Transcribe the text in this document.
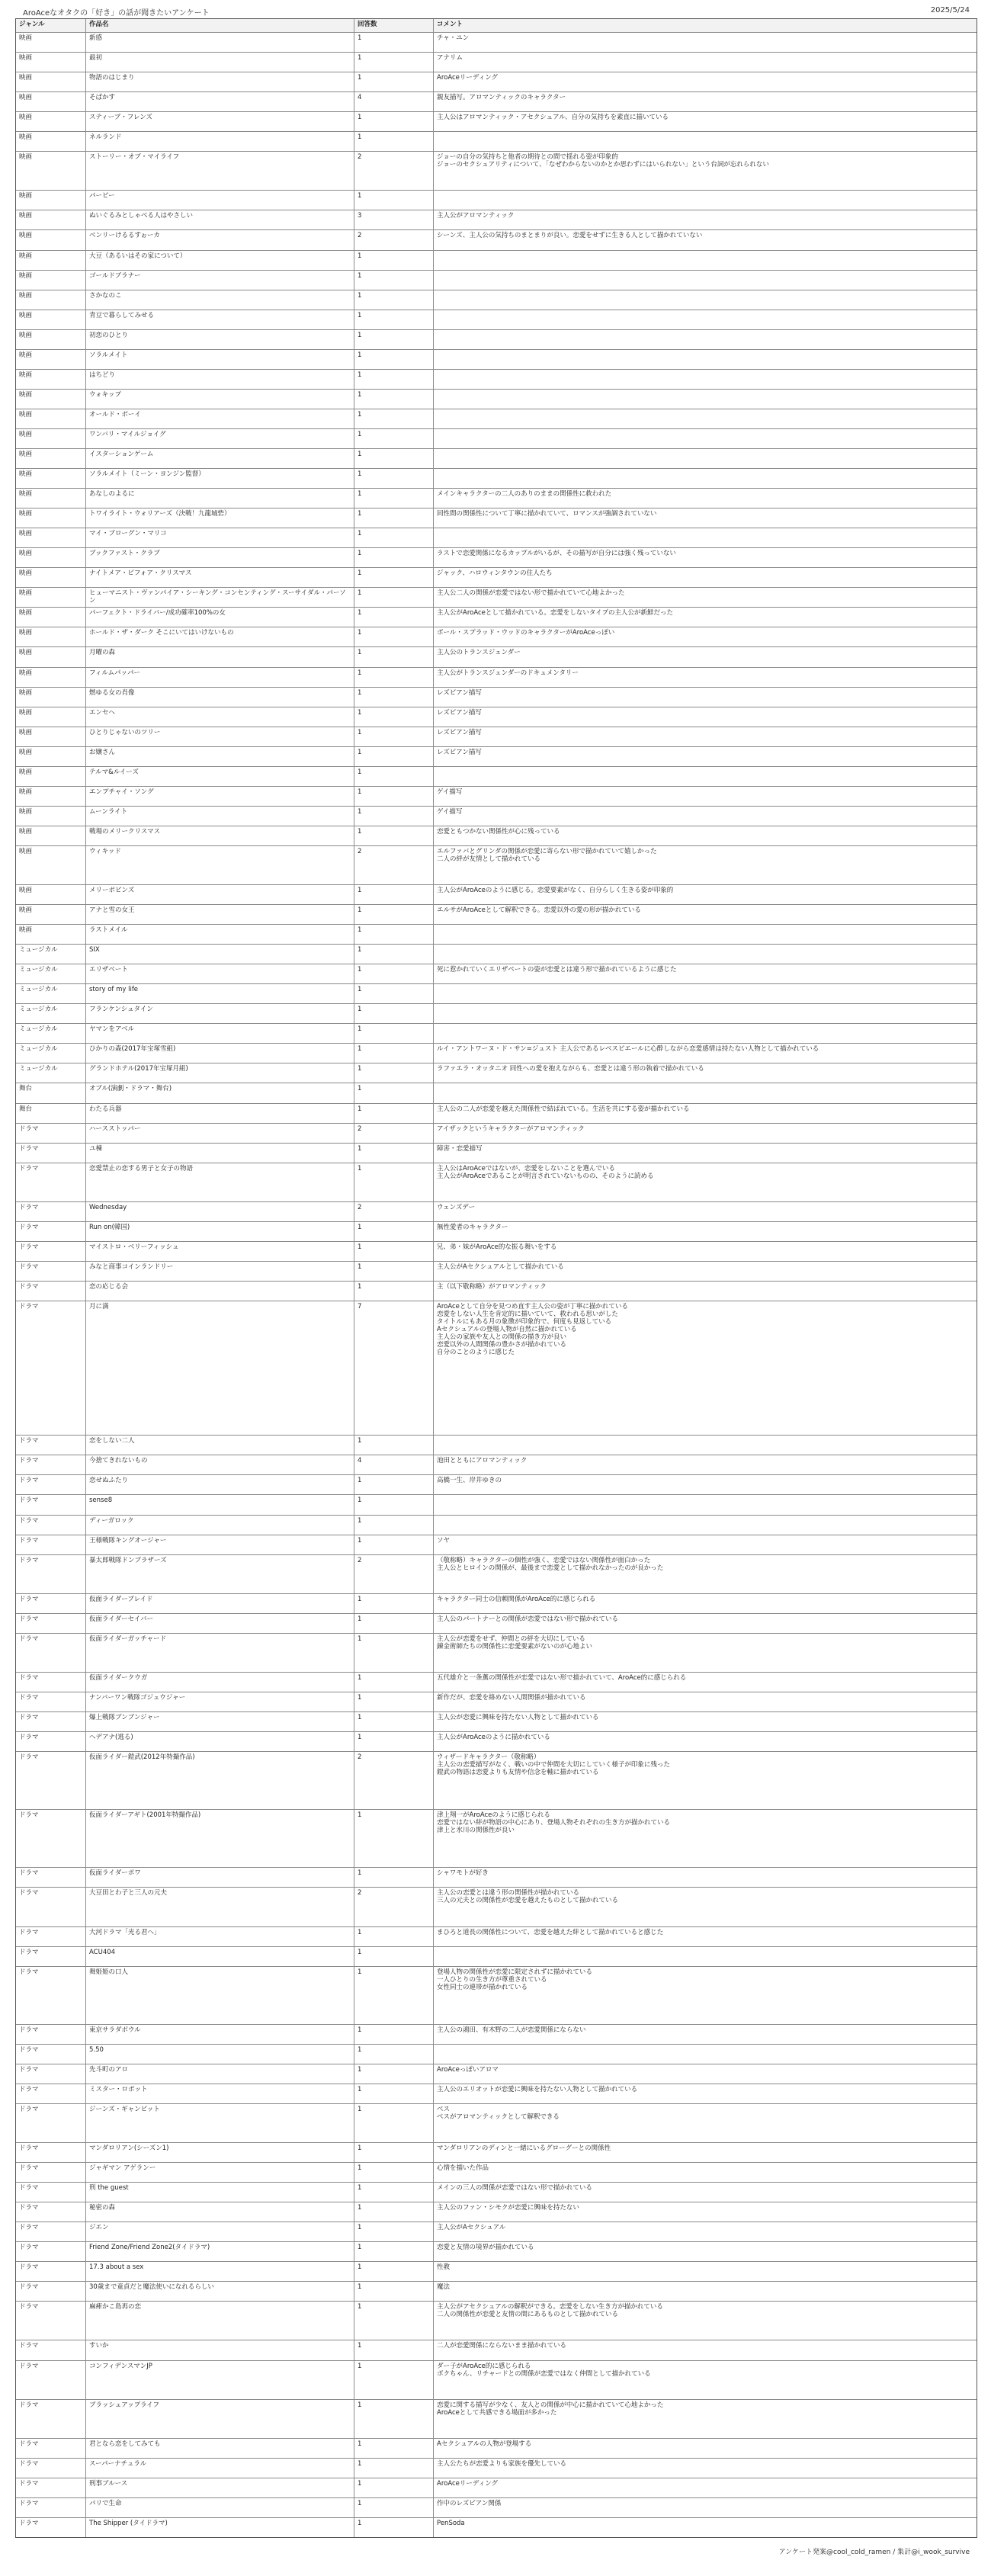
AroAceなオタクの「好き」の話が聞きたいアンケート	2025/5/24
ジャンル	作品名	回答数	コメント
映画	新感	1	チャ・ユン
映画	最初	1	アナリム
映画	物語のはじまり	1	AroAceリーディング
映画	そばかす	4	親友描写。アロマンティックのキャラクター
映画	スティーブ・フレンズ	1	主人公はアロマンティック・アセクシュアル、自分の気持ちを素直に描いている
映画	ネルランド	1
映画	ストーリー・オブ・マイライフ	2	ジョーの自分の気持ちと他者の期待との間で揺れる姿が印象的
ジョーのセクシュアリティについて、「なぜわからないのかとか思わずにはいられない」という台詞が忘れられない
映画	パーピー	1
映画	ぬいぐるみとしゃべる人はやさしい	3	主人公がアロマンティック
映画	ベンリーけるるすぉーカ	2	シーンズ、主人公の気持ちのまとまりが良い。恋愛をせずに生きる人として描かれていない
映画	大豆（あるいはその家について）	1
映画	ゴールドブラナー	1
映画	さかなのこ	1
映画	青豆で暮らしてみせる	1
映画	初恋のひとり	1
映画	ソラルメイト	1
映画	はちどり	1
映画	ウォキップ	1
映画	オールド・ボーイ	1
映画	ワンバリ・マイルジョイグ	1
映画	イスターションゲーム	1
映画	ソラルメイト（ミーン・ヨンジン監督）	1
映画	あなしのよるに	1	メインキャラクターの二人のありのままの関係性に救われた
映画	トワイライト・ウォリアーズ（決戦！九龍城砦）	1	同性間の関係性について丁寧に描かれていて、ロマンスが強調されていない
映画	マイ・ブローグン・マリコ	1
映画	ブックファスト・クラブ	1	ラストで恋愛関係になるカップルがいるが、その描写が自分には強く残っていない
映画	ナイトメア・ビフォア・クリスマス	1	ジャック、ハロウィンタウンの住人たち
映画	ヒューマニスト・ヴァンパイア・シーキング・コンセンティング・スーサイダル・パーソン
1	主人公二人の関係が恋愛ではない形で描かれていて心地よかった
映画	パーフェクト・ドライバー/成功確率100%の女	1	主人公がAroAceとして描かれている。恋愛をしないタイプの主人公が新鮮だった
映画	ホールド・ザ・ダーク そこにいてはいけないもの	1	ボール・スプラッド・ウッドのキャラクターがAroAceっぽい
映画	月曜の森	1	主人公のトランスジェンダー
映画	フィルムパッパー	1	主人公がトランスジェンダーのドキュメンタリー
映画	燃ゆる女の肖像	1	レズビアン描写
映画	エンセヘ	1	レズビアン描写
映画	ひとりじゃないのツリー	1	レズビアン描写
映画	お嬢さん	1	レズビアン描写
映画	テルマ&ルイーズ	1
映画	エンプチャイ・ソング	1	ゲイ描写
映画	ムーンライト	1	ゲイ描写
映画	戦場のメリークリスマス	1	恋愛ともつかない関係性が心に残っている
映画	ウィキッド	2	エルファバとグリンダの関係が恋愛に寄らない形で描かれていて嬉しかった
二人の絆が友情として描かれている
映画	メリーポピンズ	1	主人公がAroAceのように感じる。恋愛要素がなく、自分らしく生きる姿が印象的
映画	アナと雪の女王	1	エルサがAroAceとして解釈できる。恋愛以外の愛の形が描かれている
映画	ラストメイル	1
ミュージカル	SIX	1
ミュージカル	エリザベート	1	死に惹かれていくエリザベートの姿が恋愛とは違う形で描かれているように感じた
ミュージカル	story of my life	1
ミュージカル	フランケンシュタイン	1
ミュージカル	ヤマンをアベル	1
ミュージカル	ひかりの森(2017年宝塚雪組)	1	ルイ・アントワーヌ・ド・サン=ジュスト 主人公であるレベスピエールに心酔しながら恋愛感情は持たない人物として描かれている
ミュージカル	グランドホテル(2017年宝塚月組)	1	ラファエラ・オッタニオ 同性への愛を抱えながらも、恋愛とは違う形の執着で描かれている
舞台	オブル(演劇・ドラマ・舞台)	1
舞台	わたる兵器	1	主人公の二人が恋愛を越えた関係性で結ばれている。生活を共にする姿が描かれている
ドラマ	ハースストッパー	2	アイザックというキャラクターがアロマンティック
ドラマ	ユ棟	1	障害・恋愛描写
ドラマ	恋愛禁止の恋する男子と女子の物語	1	主人公はAroAceではないが、恋愛をしないことを選んでいる
主人公がAroAceであることが明言されていないものの、そのように読める
ドラマ	Wednesday	2	ウェンズデー
ドラマ	Run on(韓国)	1	無性愛者のキャラクター
ドラマ	マイストロ・ベリーフィッシュ	1	兄、弟・妹がAroAce的な振る舞いをする
ドラマ	みなと商事コインランドリー	1	主人公がAセクシュアルとして描かれている
ドラマ	恋の応じる会	1	主（以下敬称略）がアロマンティック
ドラマ	月に満	7	AroAceとして自分を見つめ直す主人公の姿が丁寧に描かれている
恋愛をしない人生を肯定的に描いていて、救われる思いがした
タイトルにもある月の象徴が印象的で、何度も見返している
Aセクシュアルの登場人物が自然に描かれている
主人公の家族や友人との関係の描き方が良い
恋愛以外の人間関係の豊かさが描かれている
自分のことのように感じた
ドラマ	恋をしない二人	1
ドラマ	今捨てきれないもの	4	池田とともにアロマンティック
ドラマ	恋せぬふたり	1	高橋一生、岸井ゆきの
ドラマ	sense8	1
ドラマ	ディーガロック	1
ドラマ	王様戦隊キングオージャー	1	ソヤ
ドラマ	暴太郎戦隊ドンブラザーズ	2	（敬称略）キャラクターの個性が強く、恋愛ではない関係性が面白かった
主人公とヒロインの関係が、最後まで恋愛として描かれなかったのが良かった
ドラマ	仮面ライダーブレイド	1	キャラクター同士の信頼関係がAroAce的に感じられる
ドラマ	仮面ライダーセイバー	1	主人公のパートナーとの関係が恋愛ではない形で描かれている
ドラマ	仮面ライダーガッチャード	1	主人公が恋愛をせず、仲間との絆を大切にしている
錬金術師たちの関係性に恋愛要素がないのが心地よい
ドラマ	仮面ライダークウガ	1	五代雄介と一条薫の関係性が恋愛ではない形で描かれていて、AroAce的に感じられる
ドラマ	ナンバーワン戦隊ゴジュウジャー	1	新作だが、恋愛を絡めない人間関係が描かれている
ドラマ	爆上戦隊ブンブンジャー	1	主人公が恋愛に興味を持たない人物として描かれている
ドラマ	ヘデアナ(逃る)	1	主人公がAroAceのように描かれている
ドラマ	仮面ライダー鎧武(2012年特撮作品)	2	ウィザードキャラクター（敬称略）
主人公の恋愛描写がなく、戦いの中で仲間を大切にしていく様子が印象に残った
鎧武の物語は恋愛よりも友情や信念を軸に描かれている
ドラマ	仮面ライダーアギト(2001年特撮作品)	1	津上翔一がAroAceのように感じられる
恋愛ではない絆が物語の中心にあり、登場人物それぞれの生き方が描かれている
津上と氷川の関係性が良い
ドラマ	仮面ライダーポワ	1	シャワモトが好き
ドラマ	大豆田とわ子と三人の元夫	2	主人公の恋愛とは違う形の関係性が描かれている
三人の元夫との関係性が恋愛を越えたものとして描かれている
ドラマ	大河ドラマ「光る君へ」	1	まひろと道長の関係性について、恋愛を越えた絆として描かれていると感じた
ドラマ	ACU404	1
ドラマ	舞姫姫の口人	1	登場人物の関係性が恋愛に限定されずに描かれている
一人ひとりの生き方が尊重されている
女性同士の連帯が描かれている
ドラマ	東京サラダボウル	1	主人公の鴻田、有木野の二人が恋愛関係にならない
ドラマ	5.50	1
ドラマ	先斗町のアロ	1	AroAceっぽいアロマ
ドラマ	ミスター・ロボット	1	主人公のエリオットが恋愛に興味を持たない人物として描かれている
ドラマ	ジーンズ・ギャンビット	1	ベス
ベスがアロマンティックとして解釈できる
ドラマ	マンダロリアン(シーズン1)	1	マンダロリアンのディンと一緒にいるグローグーとの関係性
ドラマ	ジャギマン アゲランー	1	心情を描いた作品
ドラマ	刑 the guest	1	メインの三人の関係が恋愛ではない形で描かれている
ドラマ	秘密の森	1	主人公のファン・シモクが恋愛に興味を持たない
ドラマ	ジエン	1	主人公がAセクシュアル
ドラマ	Friend Zone/Friend Zone2(タイドラマ)	1	恋愛と友情の境界が描かれている
ドラマ	17.3 about a sex	1	性教
ドラマ	30歳まで童貞だと魔法使いになれるらしい	1	魔法
ドラマ	麻痺かこ島再の恋	1	主人公がアセクシュアルの解釈ができる。恋愛をしない生き方が描かれている
二人の関係性が恋愛と友情の間にあるものとして描かれている
ドラマ	すいか	1	二人が恋愛関係にならないまま描かれている
ドラマ	コンフィデンスマンJP	1	ダー子がAroAce的に感じられる
ボクちゃん、リチャードとの関係が恋愛ではなく仲間として描かれている
ドラマ	ブラッシュアップライフ	1	恋愛に関する描写が少なく、友人との関係が中心に描かれていて心地よかった
AroAceとして共感できる場面が多かった
ドラマ	君となら恋をしてみても	1	Aセクシュアルの人物が登場する
ドラマ	スーパーナチュラル	1	主人公たちが恋愛よりも家族を優先している
ドラマ	刑事ブルース	1	AroAceリーディング
ドラマ	パリで生命	1	作中のレズビアン関係
ドラマ	The Shipper (タイドラマ)	1	PenSoda
アンケート発案@cool_cold_ramen / 集計@i_wook_survive
